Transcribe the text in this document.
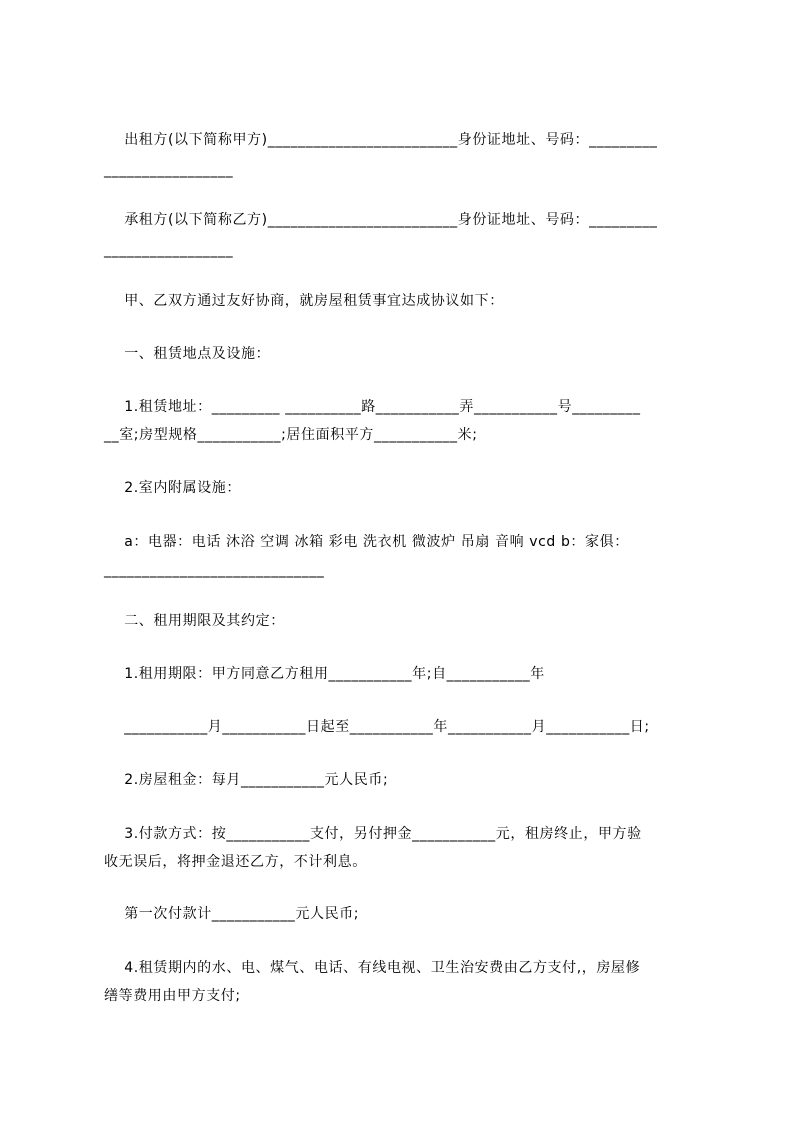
出租方(以下简称甲方)_________________________身份证地址、号码：_________
_________________
承租方(以下简称乙方)_________________________身份证地址、号码：_________
_________________
甲、乙双方通过友好协商，就房屋租赁事宜达成协议如下：
一、租赁地点及设施：
1.租赁地址：_________ __________路___________弄___________号_________
__室;房型规格___________;居住面积平方___________米;
2.室内附属设施：
a：电器：电话 沐浴 空调 冰箱 彩电 洗衣机 微波炉 吊扇 音响 vcd b：家俱：
_____________________________
二、租用期限及其约定：
1.租用期限：甲方同意乙方租用___________年;自___________年
___________月___________日起至___________年___________月___________日;
2.房屋租金：每月___________元人民币;
3.付款方式：按___________支付，另付押金___________元，租房终止，甲方验
收无误后，将押金退还乙方，不计利息。
第一次付款计___________元人民币;
4.租赁期内的水、电、煤气、电话、有线电视、卫生治安费由乙方支付,，房屋修
缮等费用由甲方支付;
